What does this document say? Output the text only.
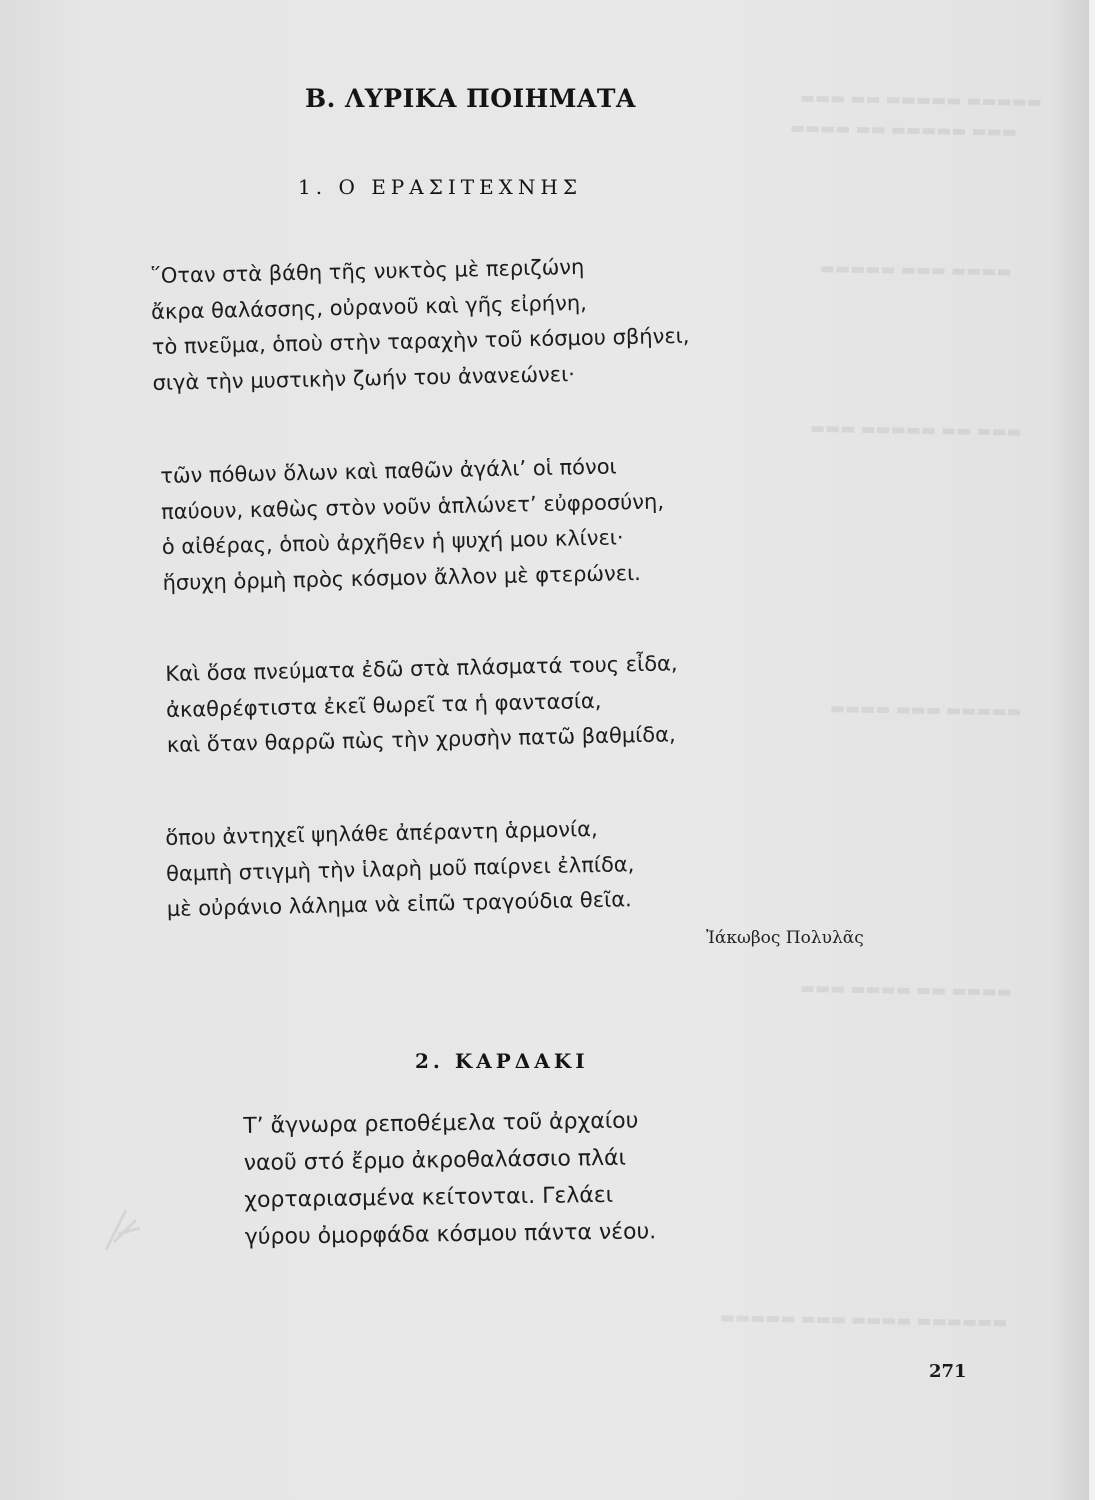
▬▬▬ ▬▬ ▬▬▬▬▬ ▬▬▬▬▬
▬▬▬▬ ▬▬ ▬▬▬▬▬ ▬▬▬
▬▬▬▬▬ ▬▬▬ ▬▬▬▬
▬▬▬ ▬▬▬▬▬ ▬▬ ▬▬▬
▬▬▬▬ ▬▬▬ ▬▬▬▬▬
▬▬▬ ▬▬▬▬ ▬▬ ▬▬▬▬
▬▬▬▬▬ ▬▬▬ ▬▬▬▬ ▬▬▬▬▬▬
Β. ΛΥΡΙΚΑ ΠΟΙΗΜΑΤΑ
1. Ο ΕΡΑΣΙΤΕΧΝΗΣ
῞Οταν στὰ βάθη τῆς νυκτὸς μὲ περιζώνη
ἄκρα θαλάσσης, οὐρανοῦ καὶ γῆς εἰρήνη,
τὸ πνεῦμα, ὁποὺ στὴν ταραχὴν τοῦ κόσμου σβήνει,
σιγὰ τὴν μυστικὴν ζωήν του ἀνανεώνει·
τῶν πόθων ὅλων καὶ παθῶν ἀγάλι’ οἱ πόνοι
παύουν, καθὼς στὸν νοῦν ἁπλώνετ’ εὐφροσύνη,
ὁ αἰθέρας, ὁποὺ ἀρχῆθεν ἡ ψυχή μου κλίνει·
ἥσυχη ὁρμὴ πρὸς κόσμον ἄλλον μὲ φτερώνει.
Καὶ ὅσα πνεύματα ἐδῶ στὰ πλάσματά τους εἶδα,
ἀκαθρέφτιστα ἐκεῖ θωρεῖ τα ἡ φαντασία,
καὶ ὅταν θαρρῶ πὼς τὴν χρυσὴν πατῶ βαθμίδα,
ὅπου ἀντηχεῖ ψηλάθε ἀπέραντη ἁρμονία,
θαμπὴ στιγμὴ τὴν ἱλαρὴ μοῦ παίρνει ἐλπίδα,
μὲ οὐράνιο λάλημα νὰ εἰπῶ τραγούδια θεῖα.
Ἰάκωβος Πολυλᾶς
2. ΚΑΡΔΑΚΙ
Τ’ ἄγνωρα ρεποθέμελα τοῦ ἀρχαίου
ναοῦ στό ἔρμο ἀκροθαλάσσιο πλάι
χορταριασμένα κείτονται. Γελάει
γύρου ὀμορφάδα κόσμου πάντα νέου.
271
